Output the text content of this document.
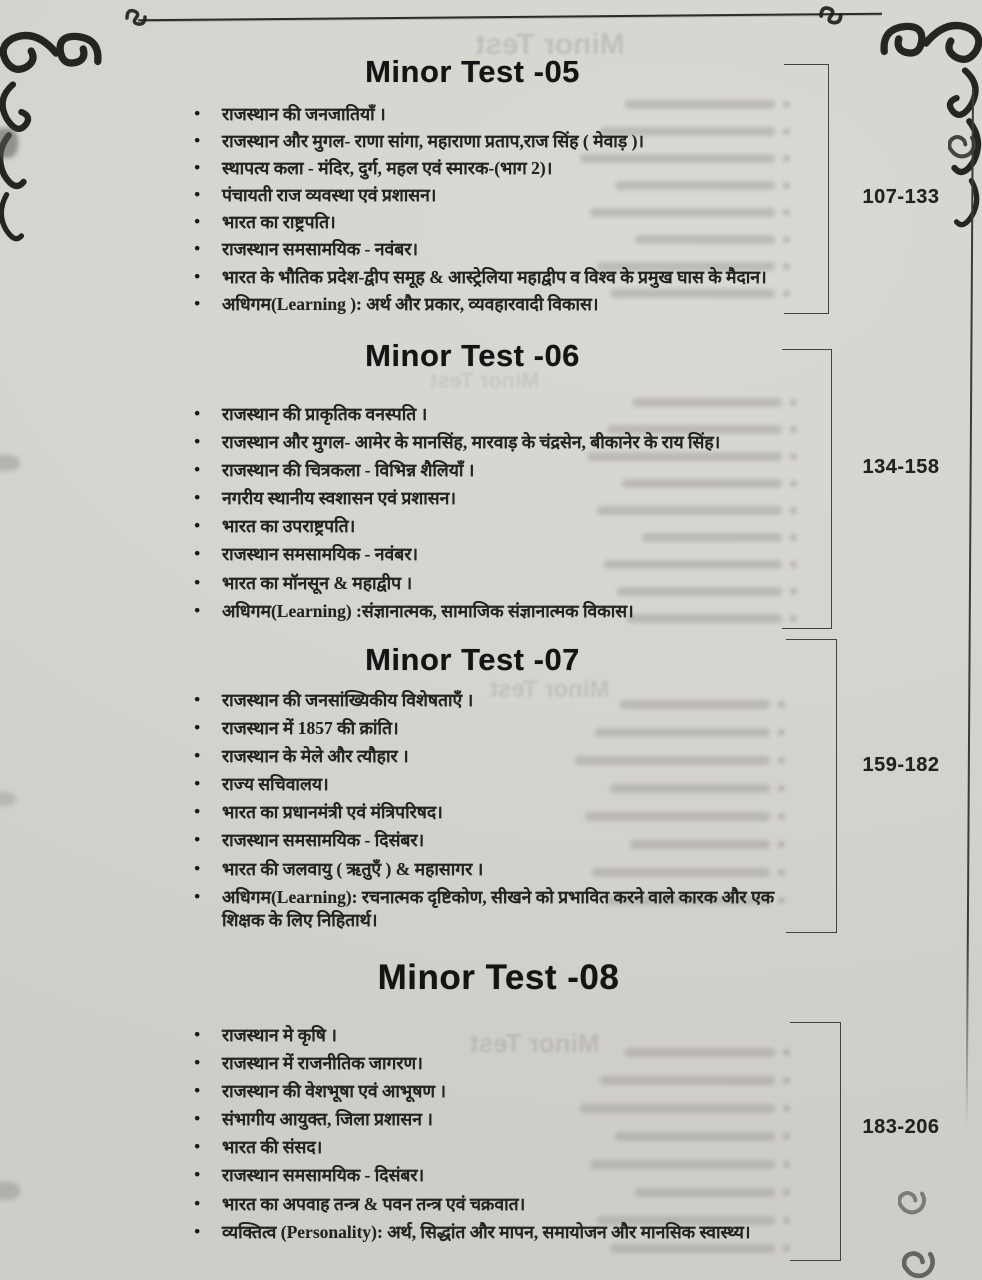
Minor Test
Minor Test
Minor Test
Minor Test
Minor Test -05
● राजस्थान की जनजातियाँ ।
● राजस्थान और मुगल- राणा सांगा, महाराणा प्रताप,राज सिंह ( मेवाड़ )।
● स्थापत्य कला - मंदिर, दुर्ग, महल एवं स्मारक-(भाग 2)।
● पंचायती राज व्यवस्था एवं प्रशासन।
● भारत का राष्ट्रपति।
● राजस्थान समसामयिक - नवंबर।
● भारत के भौतिक प्रदेश-द्वीप समूह & आस्ट्रेलिया महाद्वीप व विश्व के प्रमुख घास के मैदान।
● अधिगम(Learning ): अर्थ और प्रकार, व्यवहारवादी विकास।
Minor Test -06
● राजस्थान की प्राकृतिक वनस्पति ।
● राजस्थान और मुगल- आमेर के मानसिंह, मारवाड़ के चंद्रसेन, बीकानेर के राय सिंह।
● राजस्थान की चित्रकला - विभिन्न शैलियाँ ।
● नगरीय स्थानीय स्वशासन एवं प्रशासन।
● भारत का उपराष्ट्रपति।
● राजस्थान समसामयिक - नवंबर।
● भारत का मॉनसून & महाद्वीप ।
● अधिगम(Learning) :संज्ञानात्मक, सामाजिक संज्ञानात्मक विकास।
Minor Test -07
● राजस्थान की जनसांख्यिकीय विशेषताएँ ।
● राजस्थान में 1857 की क्रांति।
● राजस्थान के मेले और त्यौहार ।
● राज्य सचिवालय।
● भारत का प्रधानमंत्री एवं मंत्रिपरिषद।
● राजस्थान समसामयिक - दिसंबर।
● भारत की जलवायु ( ऋतुएँ ) & महासागर ।
● अधिगम(Learning): रचनात्मक दृष्टिकोण, सीखने को प्रभावित करने वाले कारक और एक शिक्षक के लिए निहितार्थ।
Minor Test -08
● राजस्थान मे कृषि ।
● राजस्थान में राजनीतिक जागरण।
● राजस्थान की वेशभूषा एवं आभूषण ।
● संभागीय आयुक्त, जिला प्रशासन ।
● भारत की संसद।
● राजस्थान समसामयिक - दिसंबर।
● भारत का अपवाह तन्त्र & पवन तन्त्र एवं चक्रवात।
● व्यक्तित्व (Personality): अर्थ, सिद्धांत और मापन, समायोजन और मानसिक स्वास्थ्य।
107-133
134-158
159-182
183-206
